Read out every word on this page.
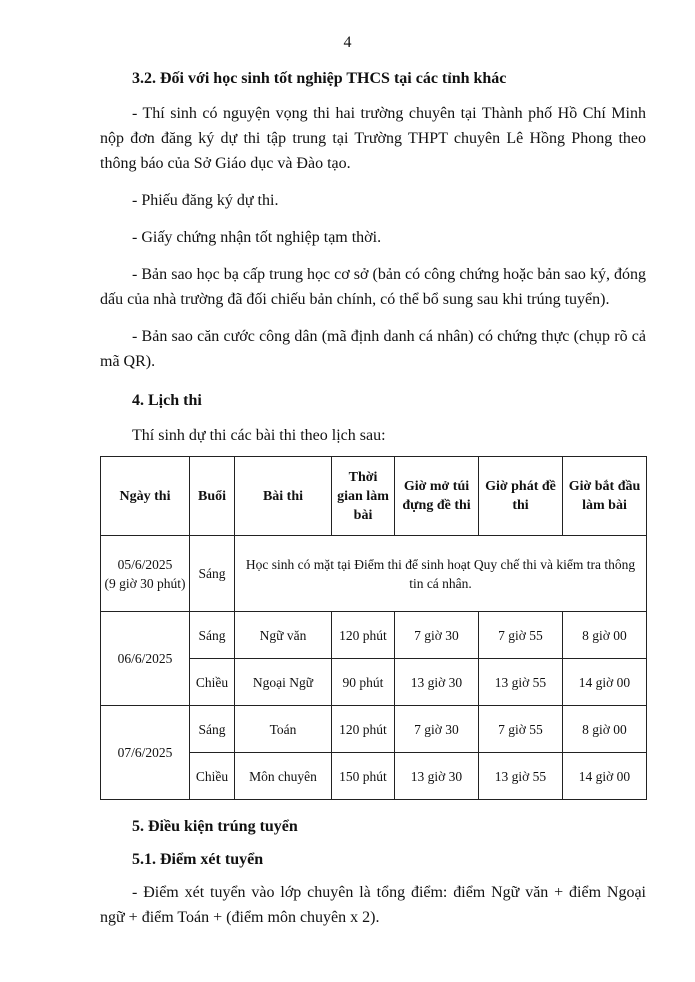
4
3.2. Đối với học sinh tốt nghiệp THCS tại các tỉnh khác

- Thí sinh có nguyện vọng thi hai trường chuyên tại Thành phố Hồ Chí Minh nộp đơn đăng ký dự thi tập trung tại Trường THPT chuyên Lê Hồng Phong theo thông báo của Sở Giáo dục và Đào tạo.

- Phiếu đăng ký dự thi.

- Giấy chứng nhận tốt nghiệp tạm thời.

- Bản sao học bạ cấp trung học cơ sở (bản có công chứng hoặc bản sao ký, đóng dấu của nhà trường đã đối chiếu bản chính, có thể bổ sung sau khi trúng tuyển).

- Bản sao căn cước công dân (mã định danh cá nhân) có chứng thực (chụp rõ cả mã QR).

4. Lịch thi

Thí sinh dự thi các bài thi theo lịch sau:

Ngày thi	Buổi	Bài thi	Thời gian làm bài	Giờ mở túi đựng đề thi	Giờ phát đề thi	Giờ bắt đầu làm bài

05/6/2025
(9 giờ 30 phút)	Sáng	Học sinh có mặt tại Điểm thi để sinh hoạt Quy chế thi và kiểm tra thông tin cá nhân.				
06/6/2025	Sáng	Ngữ văn	120 phút	7 giờ 30	7 giờ 55	8 giờ 00
	Chiều	Ngoại Ngữ	90 phút	13 giờ 30	13 giờ 55	14 giờ 00
07/6/2025	Sáng	Toán	120 phút	7 giờ 30	7 giờ 55	8 giờ 00
	Chiều	Môn chuyên	150 phút	13 giờ 30	13 giờ 55	14 giờ 00
5. Điều kiện trúng tuyển
5.1. Điểm xét tuyển

- Điểm xét tuyển vào lớp chuyên là tổng điểm: điểm Ngữ văn + điểm Ngoại ngữ + điểm Toán + (điểm môn chuyên x 2).
